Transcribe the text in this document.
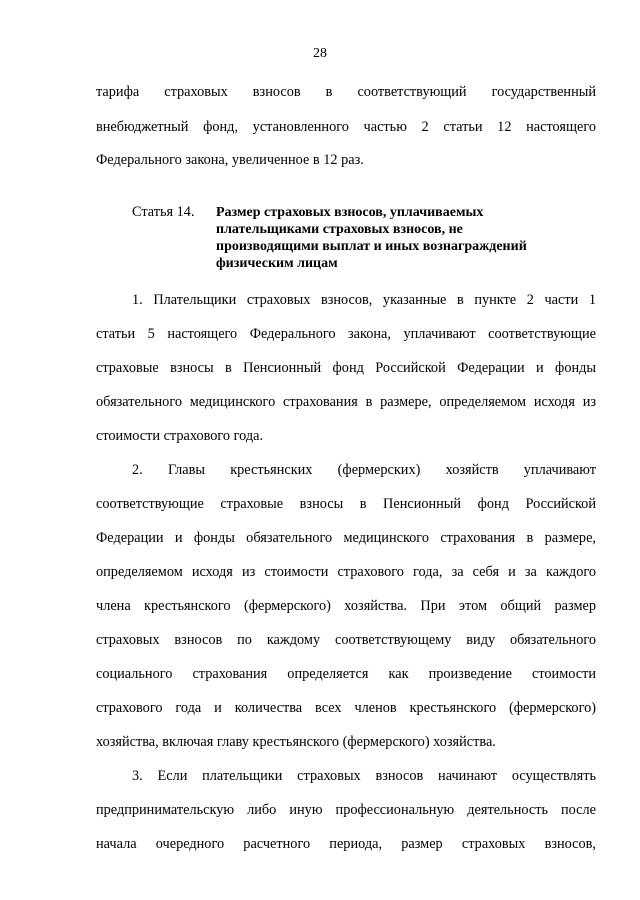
28
тарифа страховых взносов в соответствующий государственный
внебюджетный фонд, установленного частью 2 статьи 12 настоящего
Федерального закона, увеличенное в 12 раз.
Статья 14. Размер страховых взносов, уплачиваемых
плательщиками страховых взносов, не
производящими выплат и иных вознаграждений
физическим лицам
1. Плательщики страховых взносов, указанные в пункте 2 части 1
статьи 5 настоящего Федерального закона, уплачивают соответствующие
страховые взносы в Пенсионный фонд Российской Федерации и фонды
обязательного медицинского страхования в размере, определяемом исходя из
стоимости страхового года.
2. Главы крестьянских (фермерских) хозяйств уплачивают
соответствующие страховые взносы в Пенсионный фонд Российской
Федерации и фонды обязательного медицинского страхования в размере,
определяемом исходя из стоимости страхового года, за себя и за каждого
члена крестьянского (фермерского) хозяйства. При этом общий размер
страховых взносов по каждому соответствующему виду обязательного
социального страхования определяется как произведение стоимости
страхового года и количества всех членов крестьянского (фермерского)
хозяйства, включая главу крестьянского (фермерского) хозяйства.
3. Если плательщики страховых взносов начинают осуществлять
предпринимательскую либо иную профессиональную деятельность после
начала очередного расчетного периода, размер страховых взносов,
